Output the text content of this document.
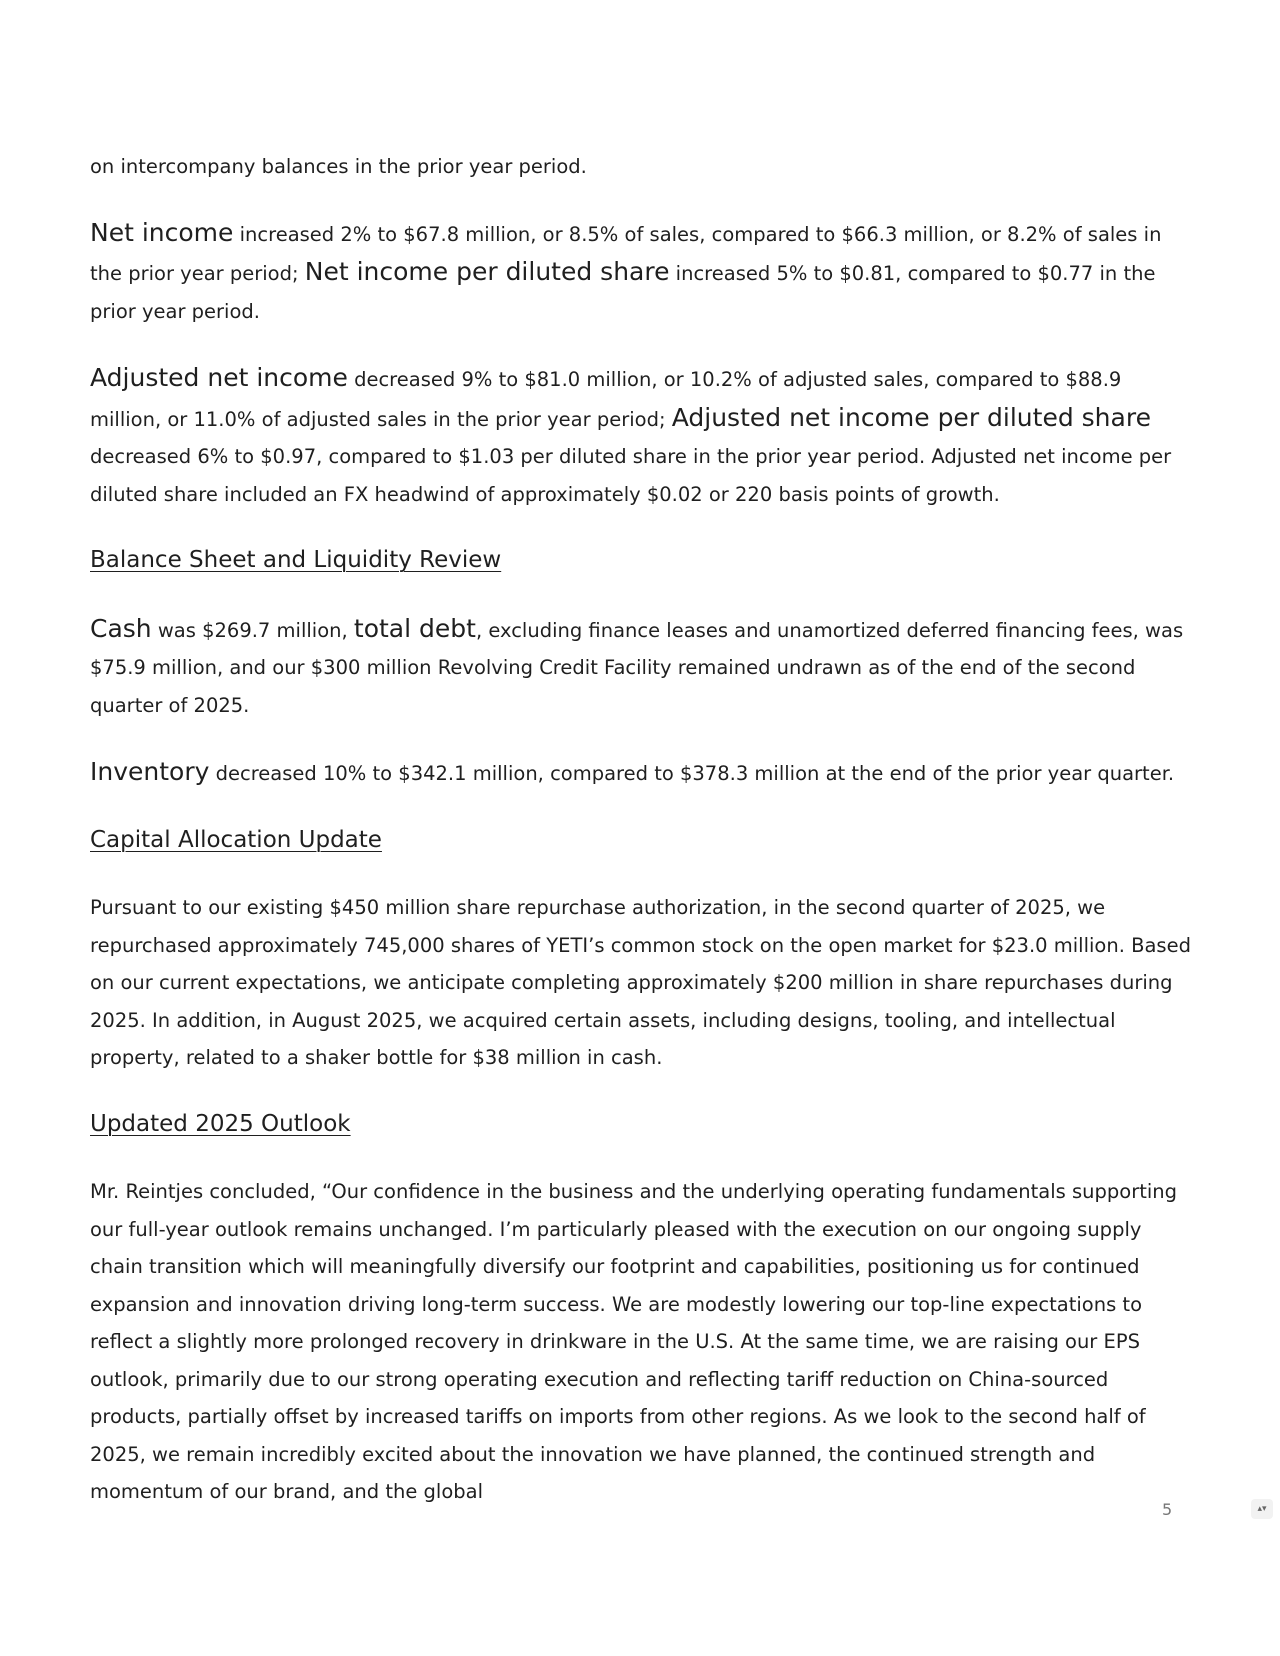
on intercompany balances in the prior year period.

Net income increased 2% to $67.8 million, or 8.5% of sales, compared to $66.3 million, or 8.2% of sales in the prior year period; Net income per diluted share increased 5% to $0.81, compared to $0.77 in the prior year period.

Adjusted net income decreased 9% to $81.0 million, or 10.2% of adjusted sales, compared to $88.9 million, or 11.0% of adjusted sales in the prior year period; Adjusted net income per diluted share decreased 6% to $0.97, compared to $1.03 per diluted share in the prior year period. Adjusted net income per diluted share included an FX headwind of approximately $0.02 or 220 basis points of growth.

Balance Sheet and Liquidity Review

Cash was $269.7 million, total debt, excluding finance leases and unamortized deferred financing fees, was $75.9 million, and our $300 million Revolving Credit Facility remained undrawn as of the end of the second quarter of 2025.

Inventory decreased 10% to $342.1 million, compared to $378.3 million at the end of the prior year quarter.

Capital Allocation Update

Pursuant to our existing $450 million share repurchase authorization, in the second quarter of 2025, we repurchased approximately 745,000 shares of YETI’s common stock on the open market for $23.0 million. Based on our current expectations, we anticipate completing approximately $200 million in share repurchases during 2025. In addition, in August 2025, we acquired certain assets, including designs, tooling, and intellectual property, related to a shaker bottle for $38 million in cash.

Updated 2025 Outlook

Mr. Reintjes concluded, “Our confidence in the business and the underlying operating fundamentals supporting our full-year outlook remains unchanged. I’m particularly pleased with the execution on our ongoing supply chain transition which will meaningfully diversify our footprint and capabilities, positioning us for continued expansion and innovation driving long-term success. We are modestly lowering our top-line expectations to reflect a slightly more prolonged recovery in drinkware in the U.S. At the same time, we are raising our EPS outlook, primarily due to our strong operating execution and reflecting tariff reduction on China-sourced products, partially offset by increased tariffs on imports from other regions. As we look to the second half of 2025, we remain incredibly excited about the innovation we have planned, the continued strength and momentum of our brand, and the global

5	▴▾
